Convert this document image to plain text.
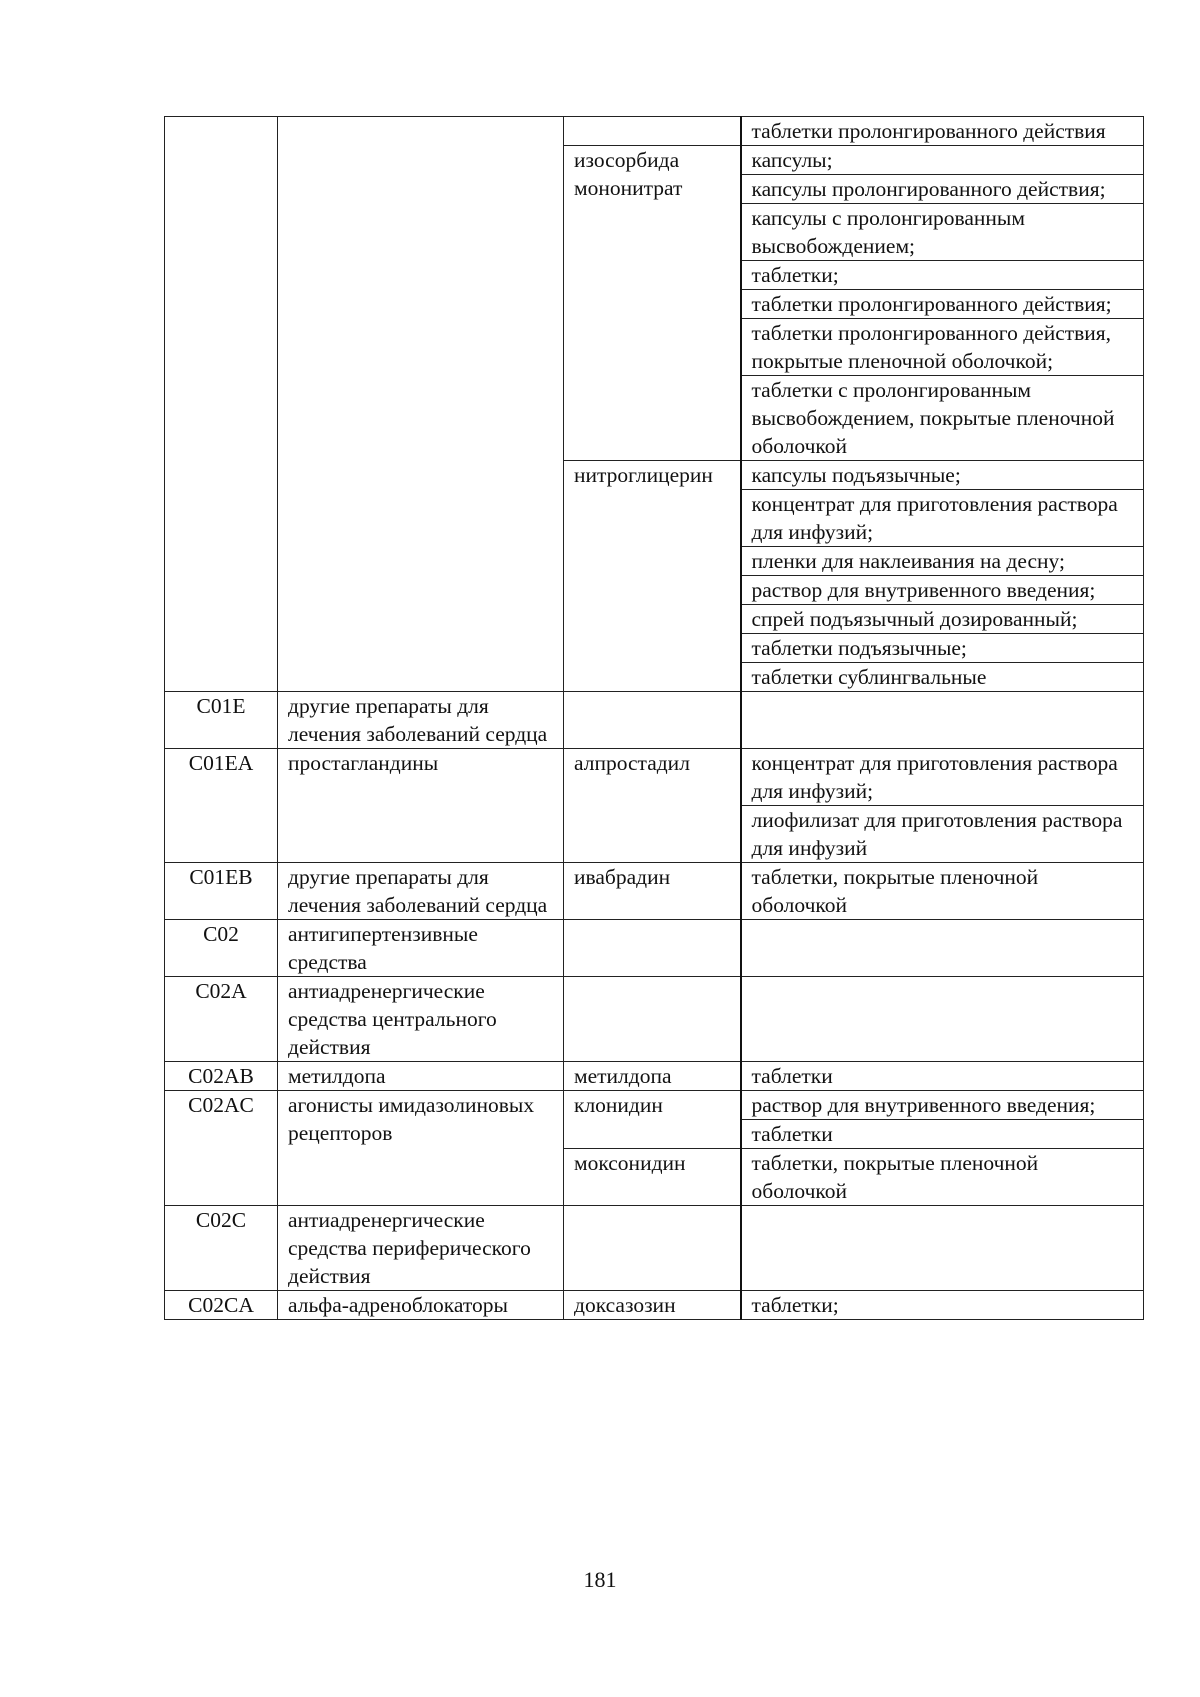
			таблетки пролонгированного действия
		изосорбида мононитрат	капсулы;
			капсулы пролонгированного действия;
			капсулы с пролонгированным высвобождением;
			таблетки;
			таблетки пролонгированного действия;
			таблетки пролонгированного действия, покрытые пленочной оболочкой;
			таблетки с пролонгированным высвобождением, покрытые пленочной оболочкой
		нитроглицерин	капсулы подъязычные;
			концентрат для приготовления раствора для инфузий;
			пленки для наклеивания на десну;
			раствор для внутривенного введения;
			спрей подъязычный дозированный;
			таблетки подъязычные;
			таблетки сублингвальные
C01E	другие препараты для лечения заболеваний сердца		
C01EA	простагландины	алпростадил	концентрат для приготовления раствора для инфузий;
			лиофилизат для приготовления раствора для инфузий
C01EB	другие препараты для лечения заболеваний сердца	ивабрадин	таблетки, покрытые пленочной оболочкой
C02	антигипертензивные средства		
C02A	антиадренергические средства центрального действия		
C02AB	метилдопа	метилдопа	таблетки
C02AC	агонисты имидазолиновых рецепторов	клонидин	раствор для внутривенного введения;
			таблетки
		моксонидин	таблетки, покрытые пленочной оболочкой
C02C	антиадренергические средства периферического действия		
C02CA	альфа-адреноблокаторы	доксазозин	таблетки;
181
